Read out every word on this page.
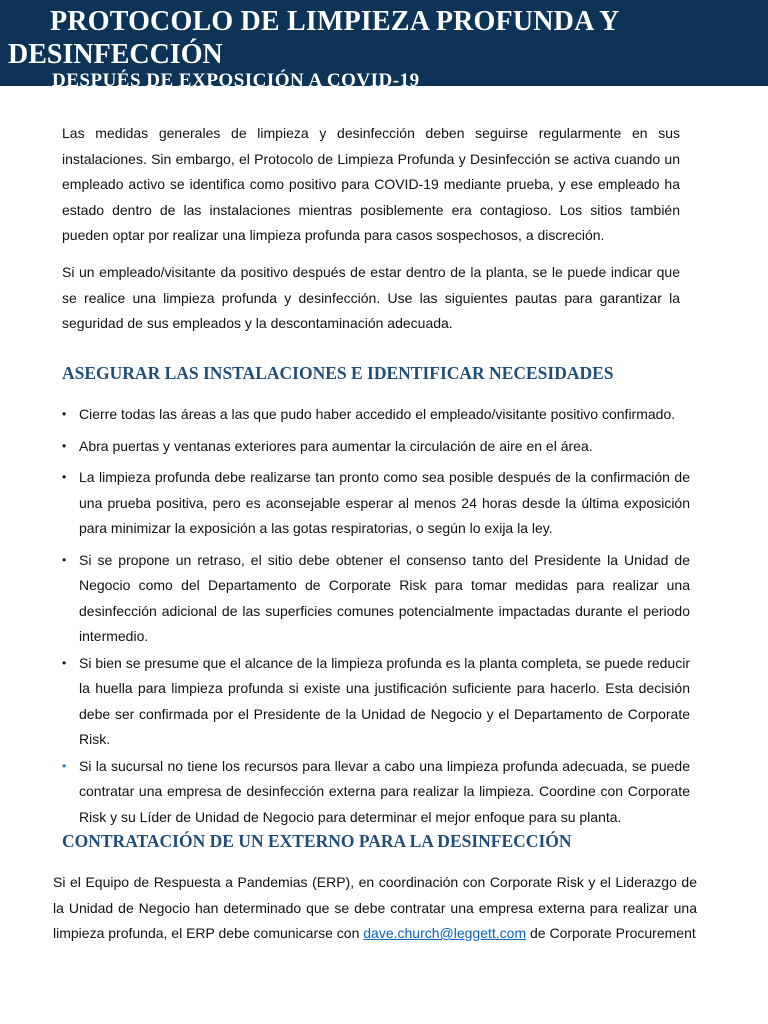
PROTOCOLO DE LIMPIEZA PROFUNDA Y
DESINFECCIÓN
DESPUÉS DE EXPOSICIÓN A COVID-19

Las medidas generales de limpieza y desinfección deben seguirse regularmente en sus instalaciones. Sin embargo, el Protocolo de Limpieza Profunda y Desinfección se activa cuando un empleado activo se identifica como positivo para COVID-19 mediante prueba, y ese empleado ha estado dentro de las instalaciones mientras posiblemente era contagioso. Los sitios también pueden optar por realizar una limpieza profunda para casos sospechosos, a discreción.

Si un empleado/visitante da positivo después de estar dentro de la planta, se le puede indicar que se realice una limpieza profunda y desinfección. Use las siguientes pautas para garantizar la seguridad de sus empleados y la descontaminación adecuada.

ASEGURAR LAS INSTALACIONES E IDENTIFICAR NECESIDADES
• Cierre todas las áreas a las que pudo haber accedido el empleado/visitante positivo confirmado.
• Abra puertas y ventanas exteriores para aumentar la circulación de aire en el área.
• La limpieza profunda debe realizarse tan pronto como sea posible después de la confirmación de una prueba positiva, pero es aconsejable esperar al menos 24 horas desde la última exposición para minimizar la exposición a las gotas respiratorias, o según lo exija la ley.
• Si se propone un retraso, el sitio debe obtener el consenso tanto del Presidente la Unidad de Negocio como del Departamento de Corporate Risk para tomar medidas para realizar una desinfección adicional de las superficies comunes potencialmente impactadas durante el periodo intermedio.
• Si bien se presume que el alcance de la limpieza profunda es la planta completa, se puede reducir la huella para limpieza profunda si existe una justificación suficiente para hacerlo. Esta decisión debe ser confirmada por el Presidente de la Unidad de Negocio y el Departamento de Corporate Risk.
• Si la sucursal no tiene los recursos para llevar a cabo una limpieza profunda adecuada, se puede contratar una empresa de desinfección externa para realizar la limpieza. Coordine con Corporate Risk y su Líder de Unidad de Negocio para determinar el mejor enfoque para su planta.
CONTRATACIÓN DE UN EXTERNO PARA LA DESINFECCIÓN

Si el Equipo de Respuesta a Pandemias (ERP), en coordinación con Corporate Risk y el Liderazgo de la Unidad de Negocio han determinado que se debe contratar una empresa externa para realizar una limpieza profunda, el ERP debe comunicarse con dave.church@leggett.com de Corporate Procurement
